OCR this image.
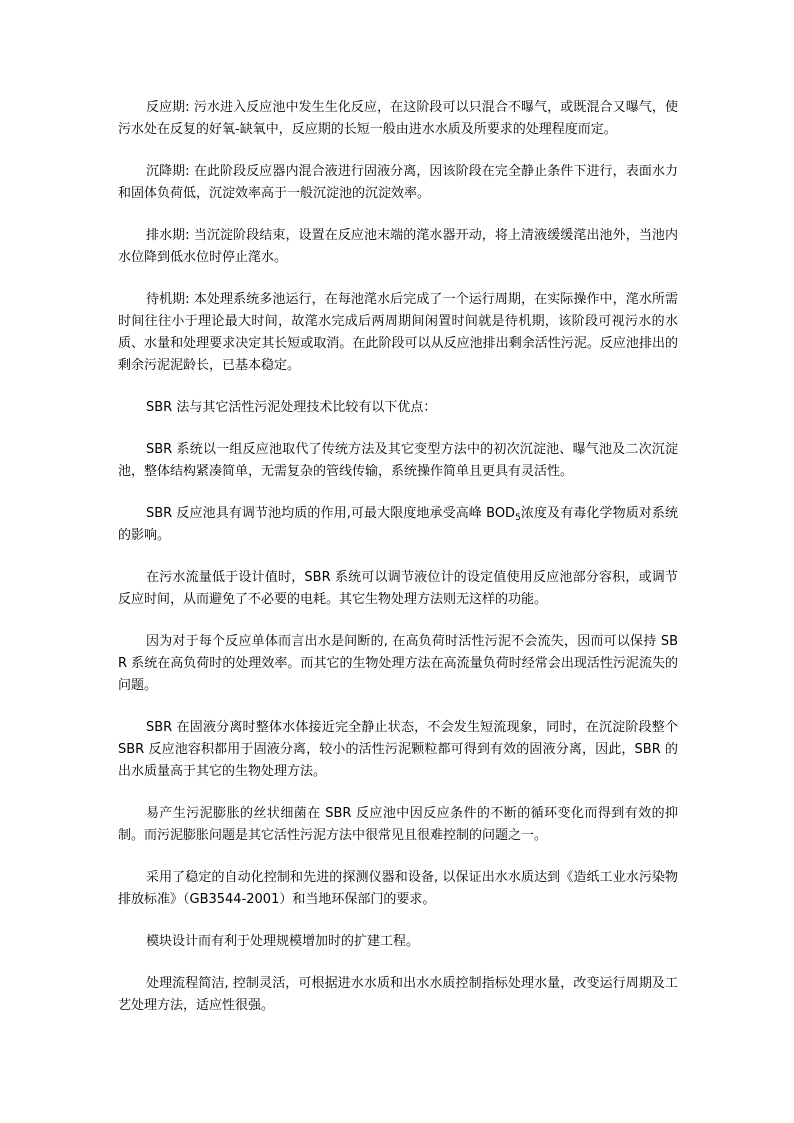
反应期: 污水进入反应池中发生生化反应，在这阶段可以只混合不曝气，或既混合又曝气，使污水处在反复的好氧-缺氧中，反应期的长短一般由进水水质及所要求的处理程度而定。

沉降期: 在此阶段反应器内混合液进行固液分离，因该阶段在完全静止条件下进行，表面水力和固体负荷低，沉淀效率高于一般沉淀池的沉淀效率。

排水期: 当沉淀阶段结束，设置在反应池末端的滗水器开动，将上清液缓缓滗出池外，当池内水位降到低水位时停止滗水。

待机期: 本处理系统多池运行，在每池滗水后完成了一个运行周期，在实际操作中，滗水所需时间往往小于理论最大时间，故滗水完成后两周期间闲置时间就是待机期，该阶段可视污水的水质、水量和处理要求决定其长短或取消。在此阶段可以从反应池排出剩余活性污泥。反应池排出的剩余污泥泥龄长，已基本稳定。

SBR 法与其它活性污泥处理技术比较有以下优点：

SBR 系统以一组反应池取代了传统方法及其它变型方法中的初次沉淀池、曝气池及二次沉淀池，整体结构紧凑简单，无需复杂的管线传输，系统操作简单且更具有灵活性。

SBR 反应池具有调节池均质的作用,可最大限度地承受高峰 $BOD_5$浓度及有毒化学物质对系统的影响。

在污水流量低于设计值时，SBR 系统可以调节液位计的设定值使用反应池部分容积，或调节反应时间，从而避免了不必要的电耗。其它生物处理方法则无这样的功能。

因为对于每个反应单体而言出水是间断的, 在高负荷时活性污泥不会流失，因而可以保持 SBR 系统在高负荷时的处理效率。而其它的生物处理方法在高流量负荷时经常会出现活性污泥流失的问题。

SBR 在固液分离时整体水体接近完全静止状态，不会发生短流现象，同时，在沉淀阶段整个 SBR 反应池容积都用于固液分离，较小的活性污泥颗粒都可得到有效的固液分离，因此，SBR 的出水质量高于其它的生物处理方法。

易产生污泥膨胀的丝状细菌在 SBR 反应池中因反应条件的不断的循环变化而得到有效的抑制。而污泥膨胀问题是其它活性污泥方法中很常见且很难控制的问题之一。

采用了稳定的自动化控制和先进的探测仪器和设备, 以保证出水水质达到《造纸工业水污染物排放标准》（GB3544-2001）和当地环保部门的要求。

模块设计而有利于处理规模增加时的扩建工程。

处理流程简洁, 控制灵活，可根据进水水质和出水水质控制指标处理水量，改变运行周期及工艺处理方法，适应性很强。
